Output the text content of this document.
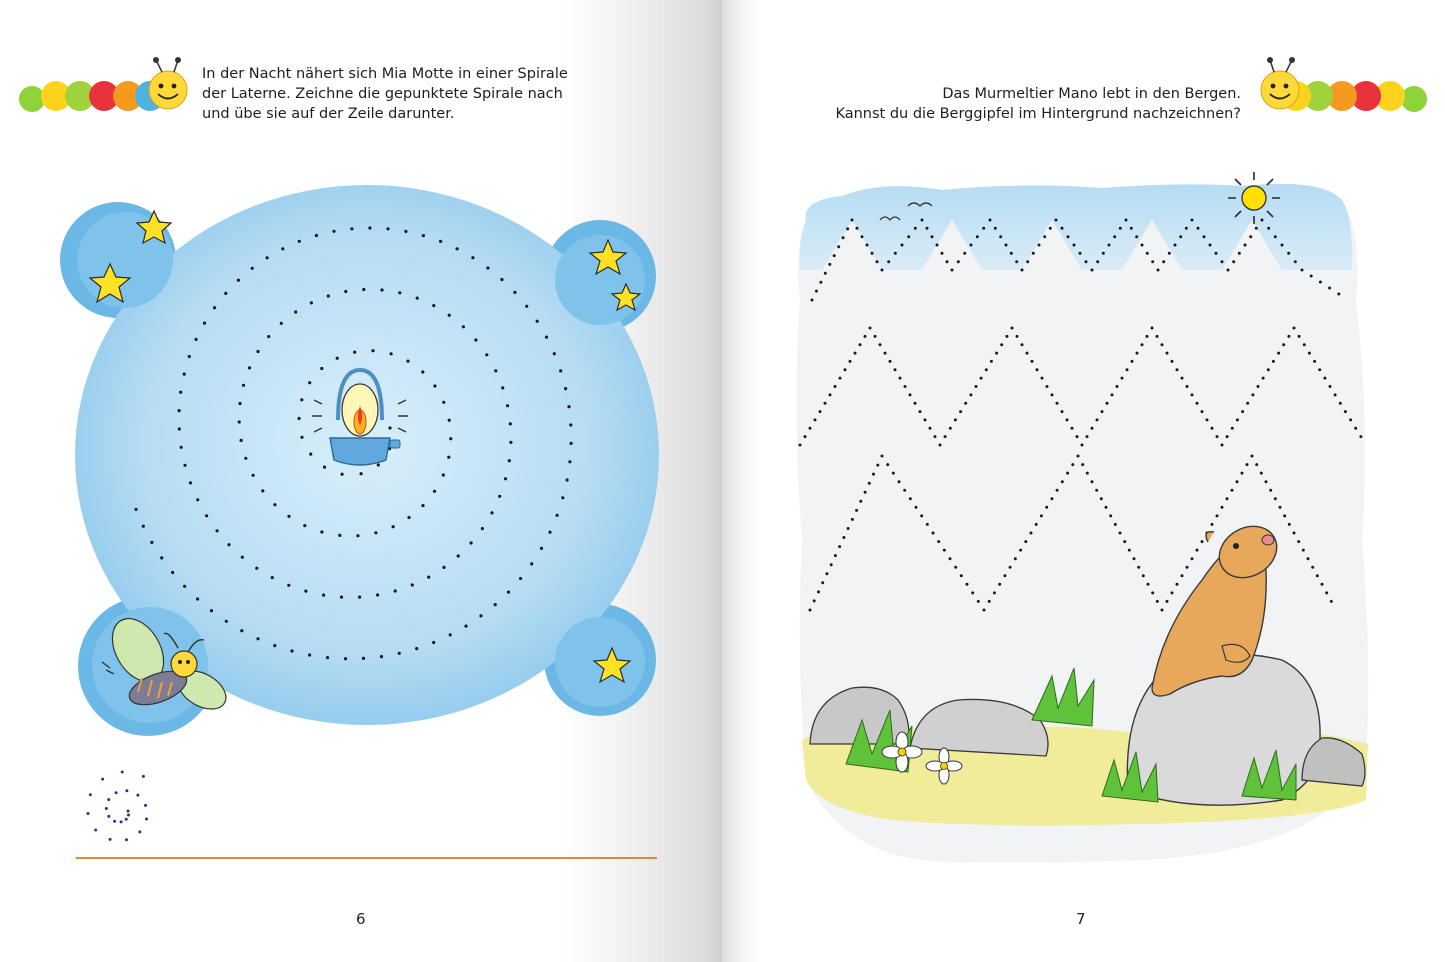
In der Nacht nähert sich Mia Motte in einer Spirale
der Laterne. Zeichne die gepunktete Spirale nach
und übe sie auf der Zeile darunter.

6

Das Murmeltier Mano lebt in den Bergen.
Kannst du die Berggipfel im Hintergrund nachzeichnen?

7
